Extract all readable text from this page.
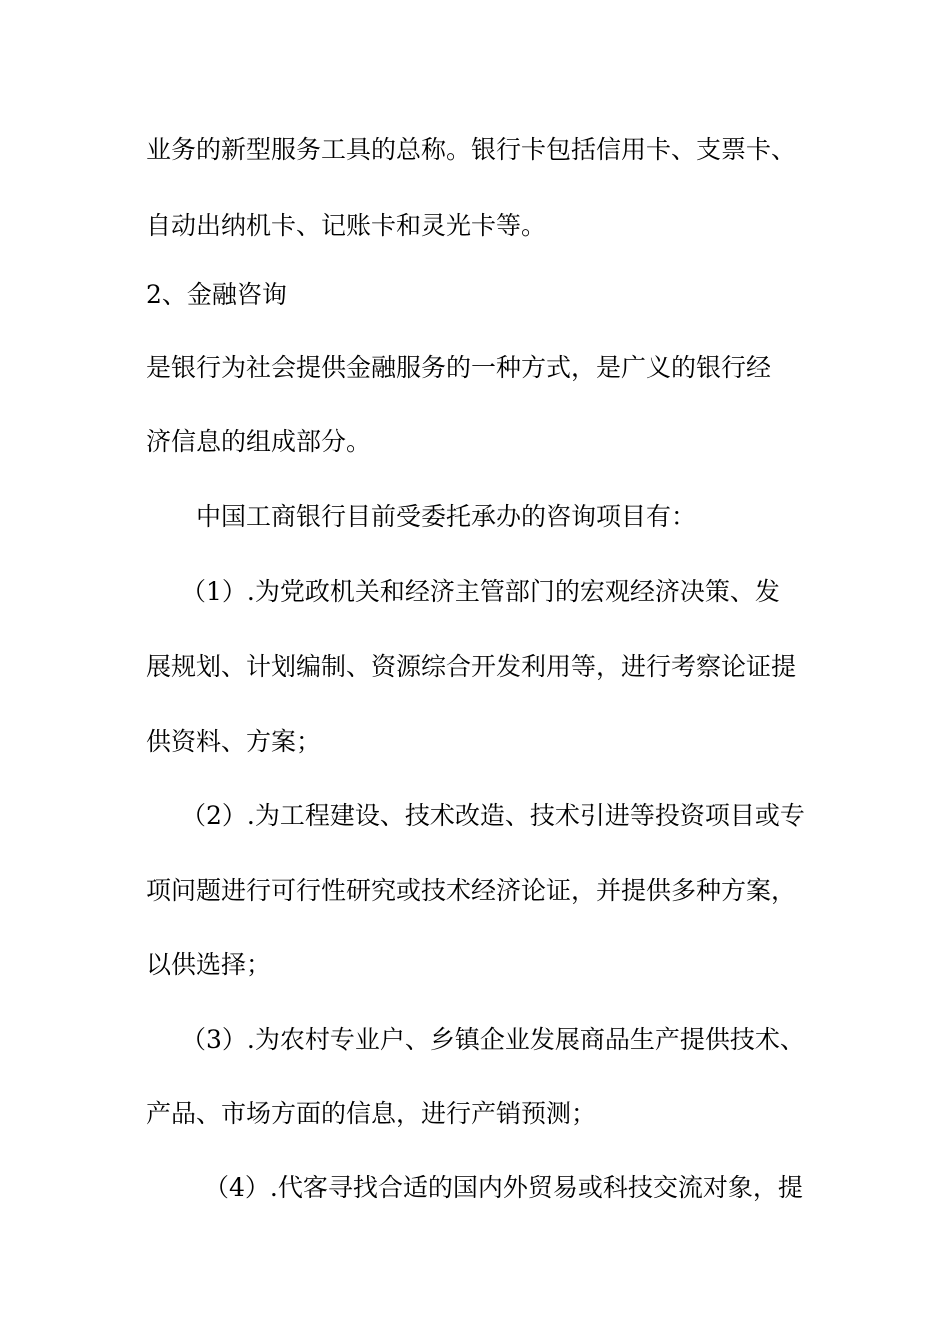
业务的新型服务工具的总称。银行卡包括信用卡、支票卡、

自动出纳机卡、记账卡和灵光卡等。

2、金融咨询

是银行为社会提供金融服务的一种方式，是广义的银行经

济信息的组成部分。

中国工商银行目前受委托承办的咨询项目有：

（1）.为党政机关和经济主管部门的宏观经济决策、发

展规划、计划编制、资源综合开发利用等，进行考察论证提

供资料、方案；

（2）.为工程建设、技术改造、技术引进等投资项目或专

项问题进行可行性研究或技术经济论证，并提供多种方案，

以供选择；

（3）.为农村专业户、乡镇企业发展商品生产提供技术、

产品、市场方面的信息，进行产销预测；

（4）.代客寻找合适的国内外贸易或科技交流对象，提
